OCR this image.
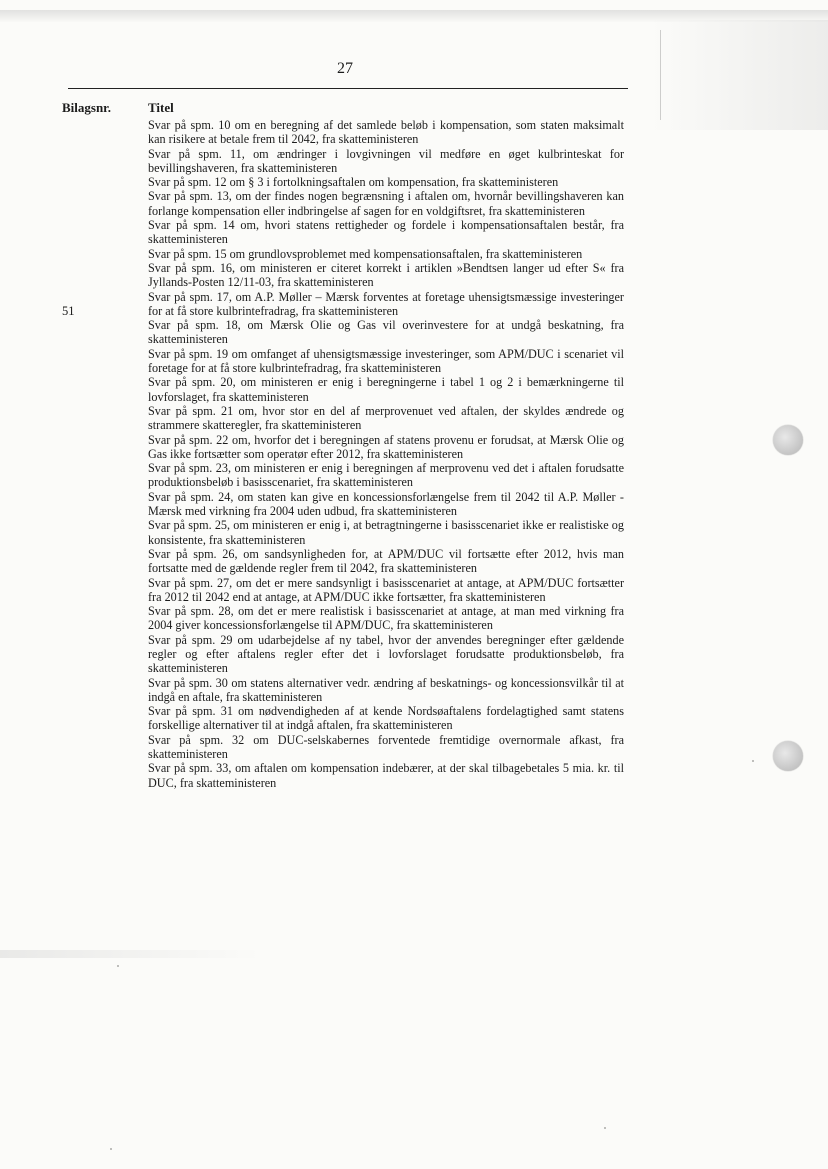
27
Bilagsnr.	Titel
51
Svar på spm. 10 om en beregning af det samlede beløb i kompensation, som staten maksimalt kan risikere at betale frem til 2042, fra skatteministeren
Svar på spm. 11, om ændringer i lovgivningen vil medføre en øget kulbrinteskat for bevillingshaveren, fra skatteministeren
Svar på spm. 12 om § 3 i fortolkningsaftalen om kompensation, fra skatteministeren
Svar på spm. 13, om der findes nogen begrænsning i aftalen om, hvornår bevillingshaveren kan forlange kompensation eller indbringelse af sagen for en voldgiftsret, fra skatteministeren
Svar på spm. 14 om, hvori statens rettigheder og fordele i kompensationsaftalen består, fra skatteministeren
Svar på spm. 15 om grundlovsproblemet med kompensationsaftalen, fra skatteministeren
Svar på spm. 16, om ministeren er citeret korrekt i artiklen »Bendtsen langer ud efter S« fra Jyllands-Posten 12/11-03, fra skatteministeren
Svar på spm. 17, om A.P. Møller – Mærsk forventes at foretage uhensigtsmæssige investeringer for at få store kulbrintefradrag, fra skatteministeren
Svar på spm. 18, om Mærsk Olie og Gas vil overinvestere for at undgå beskatning, fra skatteministeren
Svar på spm. 19 om omfanget af uhensigtsmæssige investeringer, som APM/DUC i scenariet vil foretage for at få store kulbrintefradrag, fra skatteministeren
Svar på spm. 20, om ministeren er enig i beregningerne i tabel 1 og 2 i bemærkningerne til lovforslaget, fra skatteministeren
Svar på spm. 21 om, hvor stor en del af merprovenuet ved aftalen, der skyldes ændrede og strammere skatteregler, fra skatteministeren
Svar på spm. 22 om, hvorfor det i beregningen af statens provenu er forudsat, at Mærsk Olie og Gas ikke fortsætter som operatør efter 2012, fra skatteministeren
Svar på spm. 23, om ministeren er enig i beregningen af merprovenu ved det i aftalen forudsatte produktionsbeløb i basisscenariet, fra skatteministeren
Svar på spm. 24, om staten kan give en koncessionsforlængelse frem til 2042 til A.P. Møller - Mærsk med virkning fra 2004 uden udbud, fra skatteministeren
Svar på spm. 25, om ministeren er enig i, at betragtningerne i basisscenariet ikke er realistiske og konsistente, fra skatteministeren
Svar på spm. 26, om sandsynligheden for, at APM/DUC vil fortsætte efter 2012, hvis man fortsatte med de gældende regler frem til 2042, fra skatteministeren
Svar på spm. 27, om det er mere sandsynligt i basisscenariet at antage, at APM/DUC fortsætter fra 2012 til 2042 end at antage, at APM/DUC ikke fortsætter, fra skatteministeren
Svar på spm. 28, om det er mere realistisk i basisscenariet at antage, at man med virkning fra 2004 giver koncessionsforlængelse til APM/DUC, fra skatteministeren
Svar på spm. 29 om udarbejdelse af ny tabel, hvor der anvendes beregninger efter gældende regler og efter aftalens regler efter det i lovforslaget forudsatte produktionsbeløb, fra skatteministeren
Svar på spm. 30 om statens alternativer vedr. ændring af beskatnings- og koncessionsvilkår til at indgå en aftale, fra skatteministeren
Svar på spm. 31 om nødvendigheden af at kende Nordsøaftalens fordelagtighed samt statens forskellige alternativer til at indgå aftalen, fra skatteministeren
Svar på spm. 32 om DUC-selskabernes forventede fremtidige overnormale afkast, fra skatteministeren
Svar på spm. 33, om aftalen om kompensation indebærer, at der skal tilbagebetales 5 mia. kr. til DUC, fra skatteministeren
